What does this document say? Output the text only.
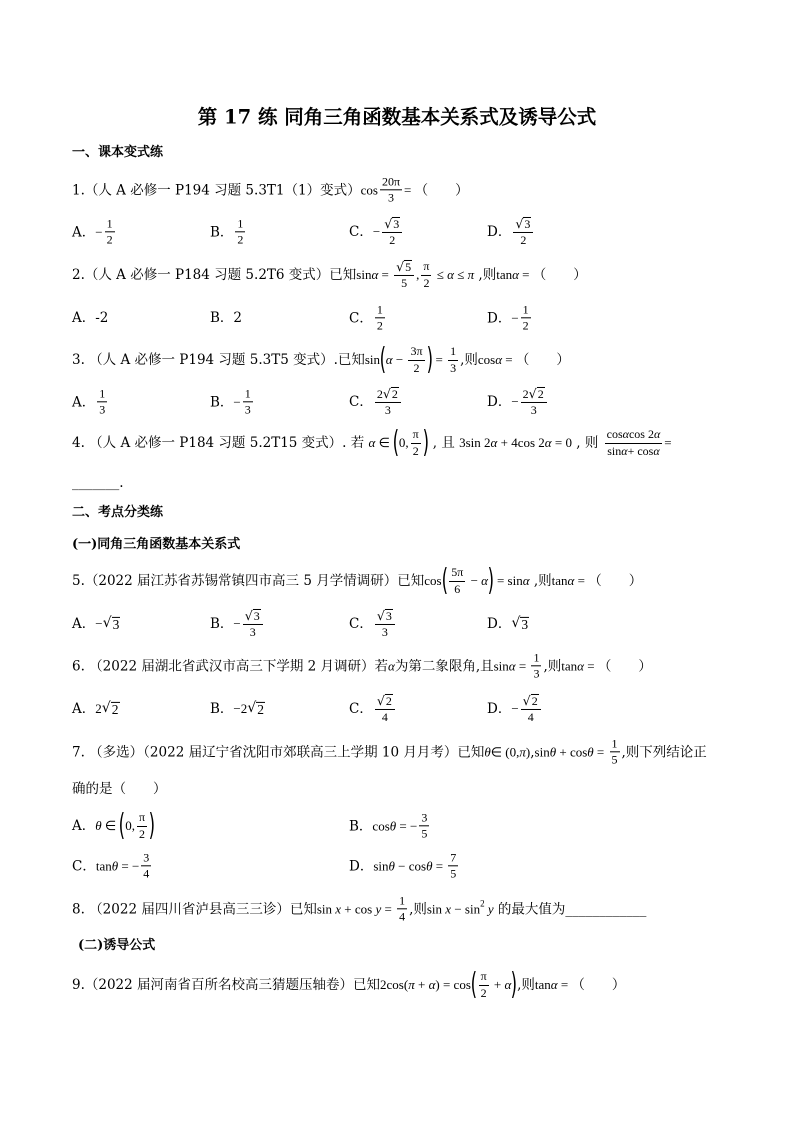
第 17 练 同角三角函数基本关系式及诱导公式
一、课本变式练
1.（人 A 必修一 P194 习题 5.3T1（1）变式） $\cos \frac{20\pi}{3}$ = （　　）
A． − $\frac{1}{2}$	B． $\frac{1}{2}$	C． − $\frac{√ 3}{2}$	D． $\frac{√ 3}{2}$
2.（人 A 必修一 P184 习题 5.2T6 变式）已知 $\sin \alpha = \frac{√ 5}{5}$ , $\frac{\pi}{2} \le \alpha \le \pi$ ,则 tan α = （　　）
A．-2	B．2	C． $\frac{1}{2}$	D． − $\frac{1}{2}$
3. （人 A 必修一 P194 习题 5.3T5 变式）.已知 sin ( $\alpha - \frac{3\pi}{2}$ ) = $\frac{1}{3}$ ,则 cos α = （　　）
A． $\frac{1}{3}$	B． − $\frac{1}{3}$	C． $\frac{2 √ 2}{3}$	D． − $\frac{2 √ 2}{3}$
4. （人 A 必修一 P184 习题 5.2T15 变式）. 若 α ∈ ( 0, $\frac{\pi}{2}$ ) , 且 3sin 2 α + 4cos 2 α = 0 , 则 $\frac{\text{cos α cos 2 α}}{\text{sin α + cos α}}$ =
_______.
二、考点分类练
(一)同角三角函数基本关系式
5.（2022 届江苏省苏锡常镇四市高三 5 月学情调研）已知 cos ( $\frac{5\pi}{6} - \alpha$ ) = sin α ,则 tan α = （　　）
A． − √ 3	B． − $\frac{√ 3}{3}$	C． $\frac{√ 3}{3}$	D． √ 3
6. （2022 届湖北省武汉市高三下学期 2 月调研）若 α 为第二象限角,且 $\sin \alpha = \frac{1}{3}$ ,则 tan α = （　　）
A． 2 √ 2	B． −2 √ 2	C． $\frac{√ 2}{4}$	D． − $\frac{√ 2}{4}$
7. （多选）（2022 届辽宁省沈阳市郊联高三上学期 10 月月考）已知 θ ∈ (0, π ) , $\sin \theta + \cos \theta = \frac{1}{5}$ ,则下列结论正
确的是（　　）
A． θ ∈ ( 0, $\frac{\pi}{2}$ )	B． cos θ = − $\frac{3}{5}$
C． tan θ = − $\frac{3}{4}$	D． $\sin \theta - \cos \theta = \frac{7}{5}$
8. （2022 届四川省泸县高三三诊）已知 $\sin x + \cos y = \frac{1}{4}$ ,则 sin x − sin 2
y 的最大值为 ____________
(二)诱导公式
9.（2022 届河南省百所名校高三猜题压轴卷）已知 2cos( π + α ) = cos ( $\frac{\pi}{2} + \alpha$ ) ,则 tan α = （　　）
